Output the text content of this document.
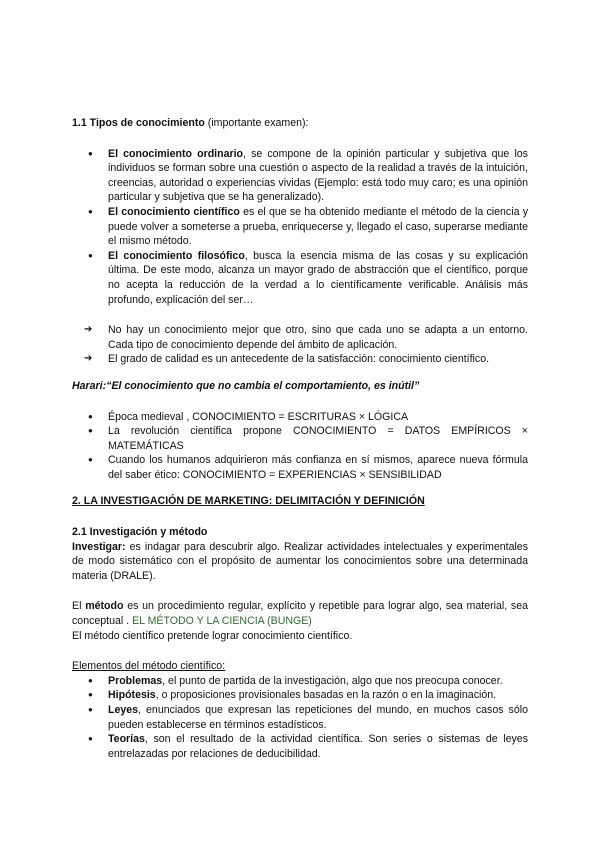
1.1 Tipos de conocimiento (importante examen):

● El conocimiento ordinario, se compone de la opinión particular y subjetiva que los individuos se forman sobre una cuestión o aspecto de la realidad a través de la intuición, creencias, autoridad o experiencias vividas (Ejemplo: está todo muy caro; es una opinión particular y subjetiva que se ha generalizado).
● El conocimiento científico es el que se ha obtenido mediante el método de la ciencia y puede volver a someterse a prueba, enriquecerse y, llegado el caso, superarse mediante el mismo método.
● El conocimiento filosófico, busca la esencia misma de las cosas y su explicación última. De este modo, alcanza un mayor grado de abstracción que el científico, porque no acepta la reducción de la verdad a lo científicamente verificable. Análisis más profundo, explicación del ser…
➔ No hay un conocimiento mejor que otro, sino que cada uno se adapta a un entorno. Cada tipo de conocimiento depende del ámbito de aplicación.
➔ El grado de calidad es un antecedente de la satisfacción: conocimiento científico.

Harari:“El conocimiento que no cambia el comportamiento, es inútil”

● Época medieval , CONOCIMIENTO = ESCRITURAS × LÓGICA
● La revolución científica propone CONOCIMIENTO = DATOS EMPÍRICOS × MATEMÁTICAS
● Cuando los humanos adquirieron más confianza en sí mismos, aparece nueva fórmula del saber ético: CONOCIMIENTO = EXPERIENCIAS × SENSIBILIDAD

2. LA INVESTIGACIÓN DE MARKETING: DELIMITACIÓN Y DEFINICIÓN

2.1 Investigación y método

Investigar: es indagar para descubrir algo. Realizar actividades intelectuales y experimentales de modo sistemático con el propósito de aumentar los conocimientos sobre una determinada materia (DRALE).

El método es un procedimiento regular, explícito y repetible para lograr algo, sea material, sea conceptual . EL MÉTODO Y LA CIENCIA (BUNGE)

El método científico pretende lograr conocimiento científico.

Elementos del método científico:

● Problemas, el punto de partida de la investigación, algo que nos preocupa conocer.
● Hipótesis, o proposiciones provisionales basadas en la razón o en la imaginación.
● Leyes, enunciados que expresan las repeticiones del mundo, en muchos casos sólo pueden establecerse en términos estadísticos.
● Teorías, son el resultado de la actividad científica. Son series o sistemas de leyes entrelazadas por relaciones de deducibilidad.
